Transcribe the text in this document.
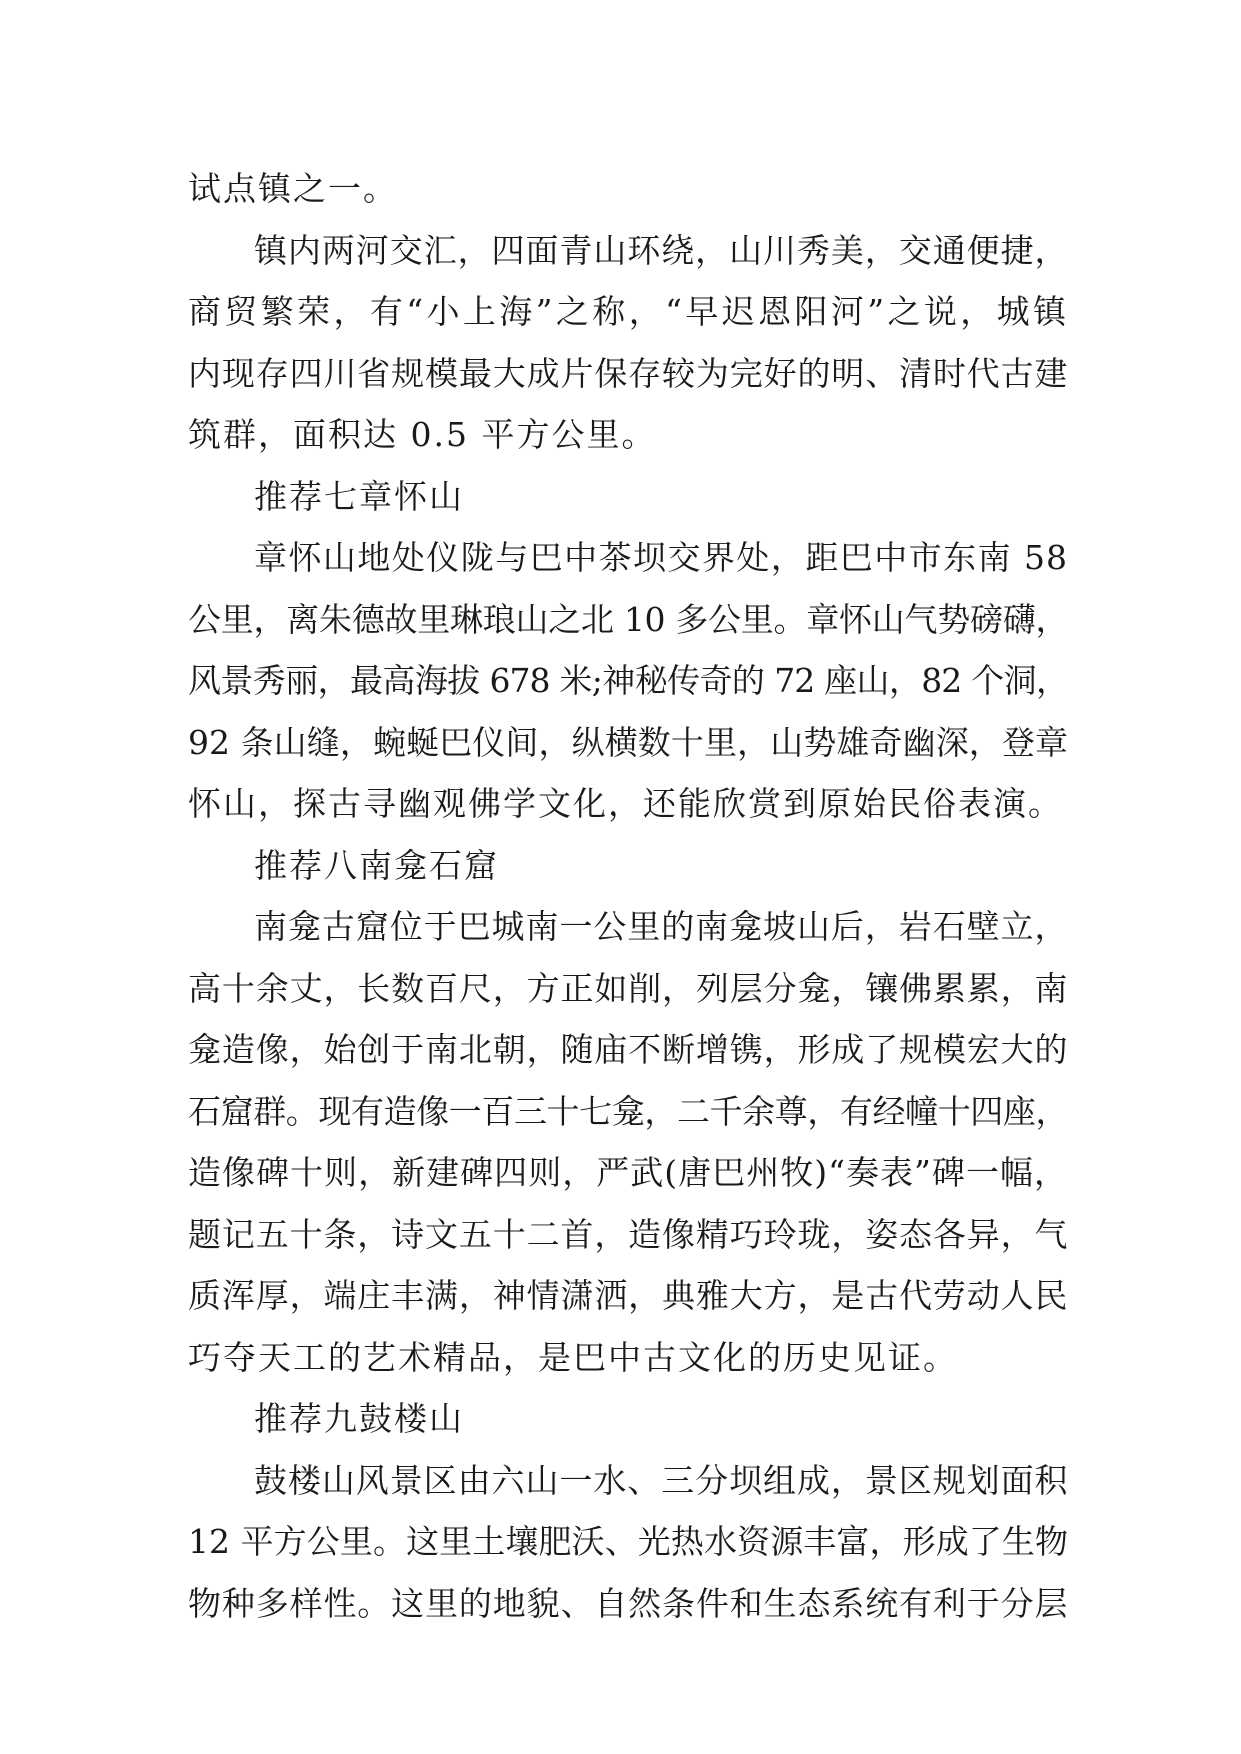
试点镇之一。
镇内两河交汇，四面青山环绕，山川秀美，交通便捷，
商贸繁荣，有“小上海”之称，“早迟恩阳河”之说，城镇
内现存四川省规模最大成片保存较为完好的明、清时代古建
筑群，面积达 0.5 平方公里。
推荐七章怀山
章怀山地处仪陇与巴中茶坝交界处，距巴中市东南 58
公里，离朱德故里琳琅山之北 10 多公里。章怀山气势磅礴，
风景秀丽，最高海拔 678 米;神秘传奇的 72 座山，82 个洞，
92 条山缝，蜿蜒巴仪间，纵横数十里，山势雄奇幽深，登章
怀山，探古寻幽观佛学文化，还能欣赏到原始民俗表演。
推荐八南龛石窟
南龛古窟位于巴城南一公里的南龛坡山后，岩石壁立，
高十余丈，长数百尺，方正如削，列层分龛，镶佛累累，南
龛造像，始创于南北朝，随庙不断增镌，形成了规模宏大的
石窟群。现有造像一百三十七龛，二千余尊，有经幢十四座，
造像碑十则，新建碑四则，严武(唐巴州牧)“奏表”碑一幅，
题记五十条，诗文五十二首，造像精巧玲珑，姿态各异，气
质浑厚，端庄丰满，神情潇洒，典雅大方，是古代劳动人民
巧夺天工的艺术精品，是巴中古文化的历史见证。
推荐九鼓楼山
鼓楼山风景区由六山一水、三分坝组成，景区规划面积
12 平方公里。这里土壤肥沃、光热水资源丰富，形成了生物
物种多样性。这里的地貌、自然条件和生态系统有利于分层
